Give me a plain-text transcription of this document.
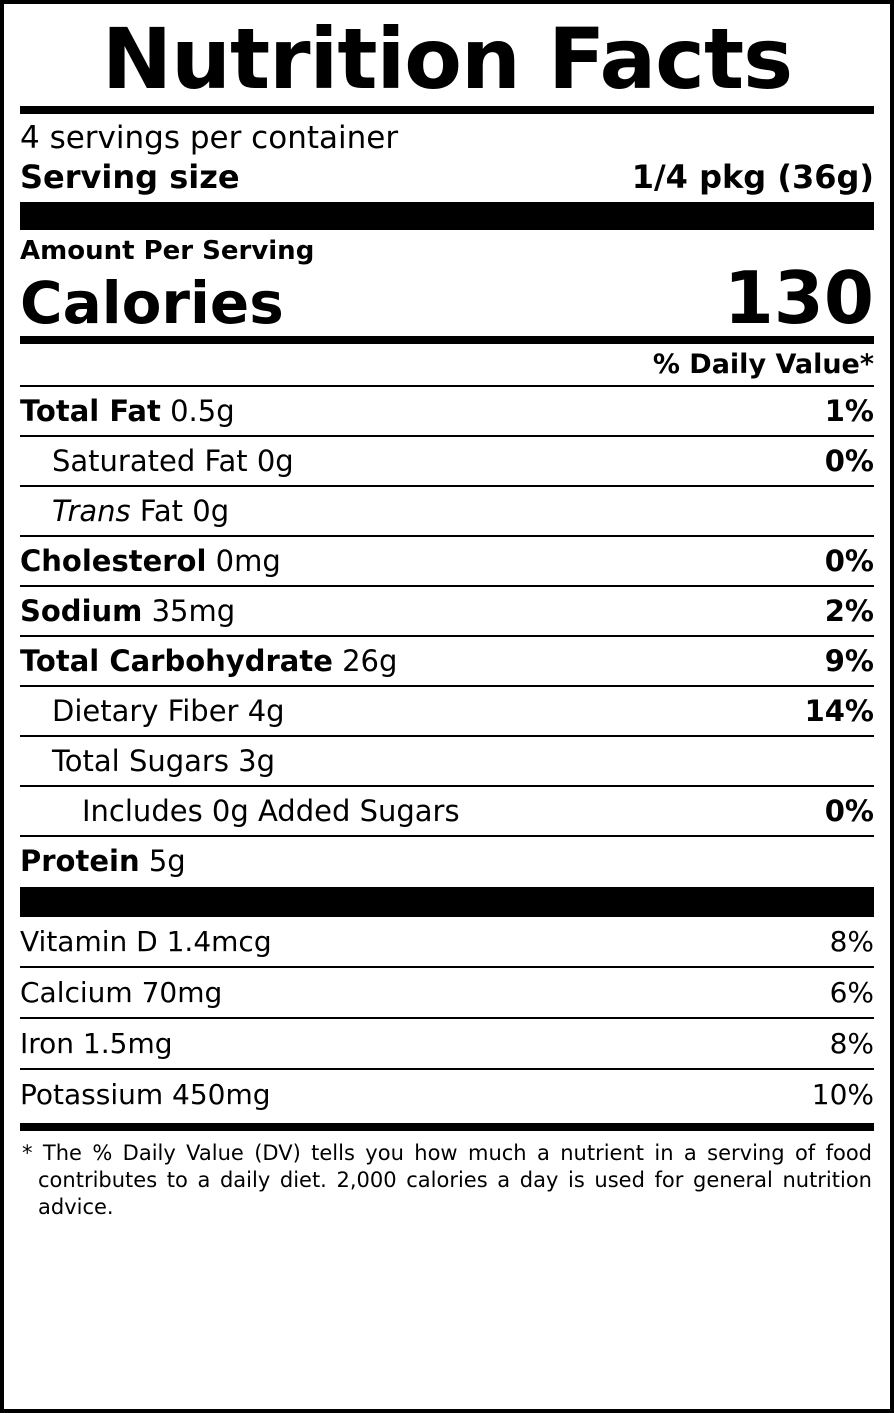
Nutrition Facts
4 servings per container
Serving size	1/4 pkg (36g)
Amount Per Serving
Calories	130
% Daily Value*
Total Fat 0.5g	1%
Saturated Fat 0g	0%
Trans Fat 0g
Cholesterol 0mg	0%
Sodium 35mg	2%
Total Carbohydrate 26g	9%
Dietary Fiber 4g	14%
Total Sugars 3g
Includes 0g Added Sugars	0%
Protein 5g
Vitamin D 1.4mcg	8%
Calcium 70mg	6%
Iron 1.5mg	8%
Potassium 450mg	10%
* The % Daily Value (DV) tells you how much a nutrient in a serving of food contributes to a daily diet. 2,000 calories a day is used for general nutrition advice.
